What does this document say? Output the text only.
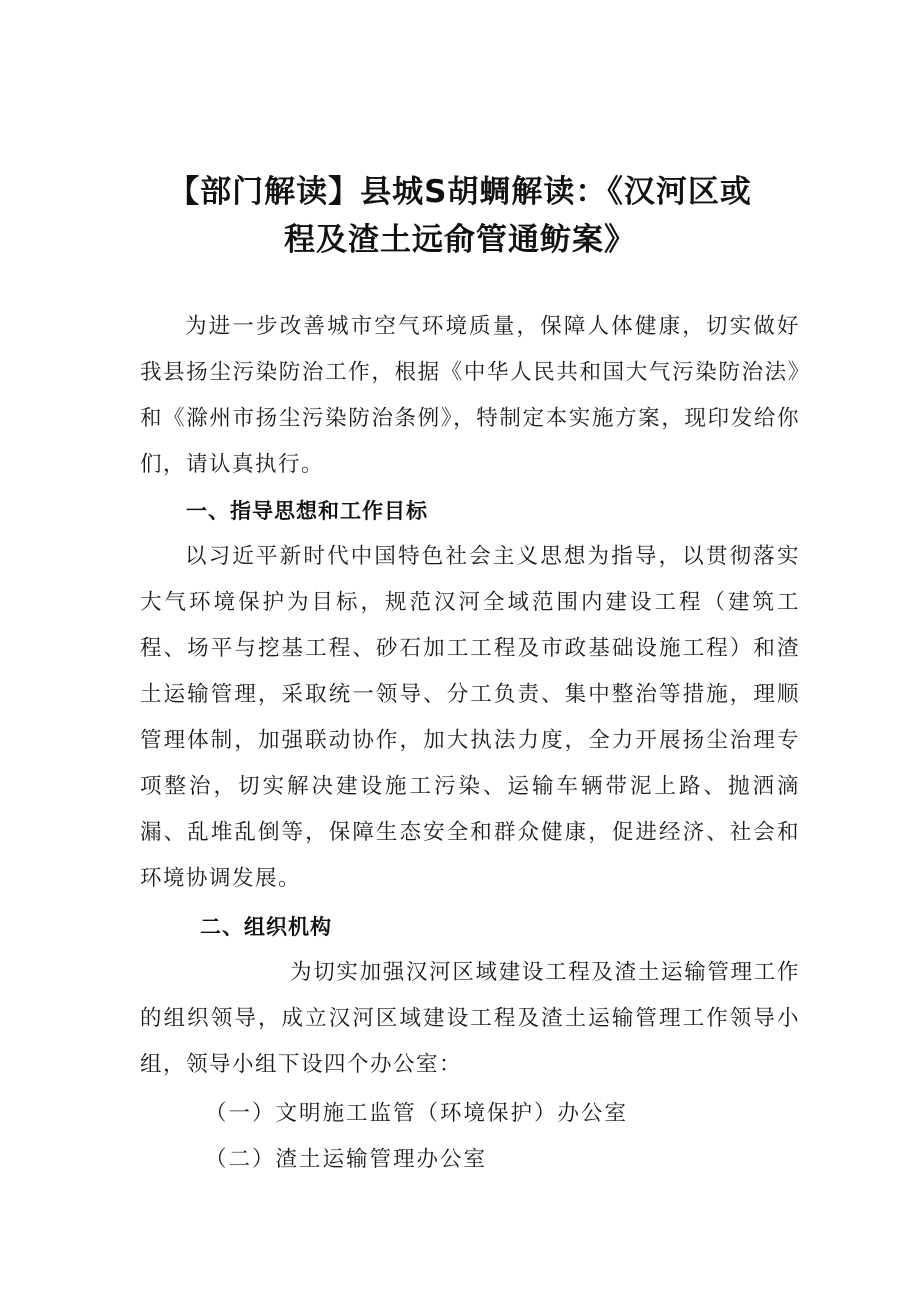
【部门解读】县城S胡蜩解读：《汉河区或
程及渣土远俞管通鲂案》

为进一步改善城市空气环境质量，保障人体健康，切实做好我县扬尘污染防治工作，根据《中华人民共和国大气污染防治法》和《滁州市扬尘污染防治条例》，特制定本实施方案，现印发给你们，请认真执行。

一、指导思想和工作目标

以习近平新时代中国特色社会主义思想为指导，以贯彻落实大气环境保护为目标，规范汉河全域范围内建设工程（建筑工程、场平与挖基工程、砂石加工工程及市政基础设施工程）和渣土运输管理，采取统一领导、分工负责、集中整治等措施，理顺管理体制，加强联动协作，加大执法力度，全力开展扬尘治理专项整治，切实解决建设施工污染、运输车辆带泥上路、抛洒滴漏、乱堆乱倒等，保障生态安全和群众健康，促进经济、社会和环境协调发展。

二、组织机构

为切实加强汉河区域建设工程及渣土运输管理工作的组织领导，成立汉河区域建设工程及渣土运输管理工作领导小组，领导小组下设四个办公室：

（一）文明施工监管（环境保护）办公室
（二）渣土运输管理办公室
